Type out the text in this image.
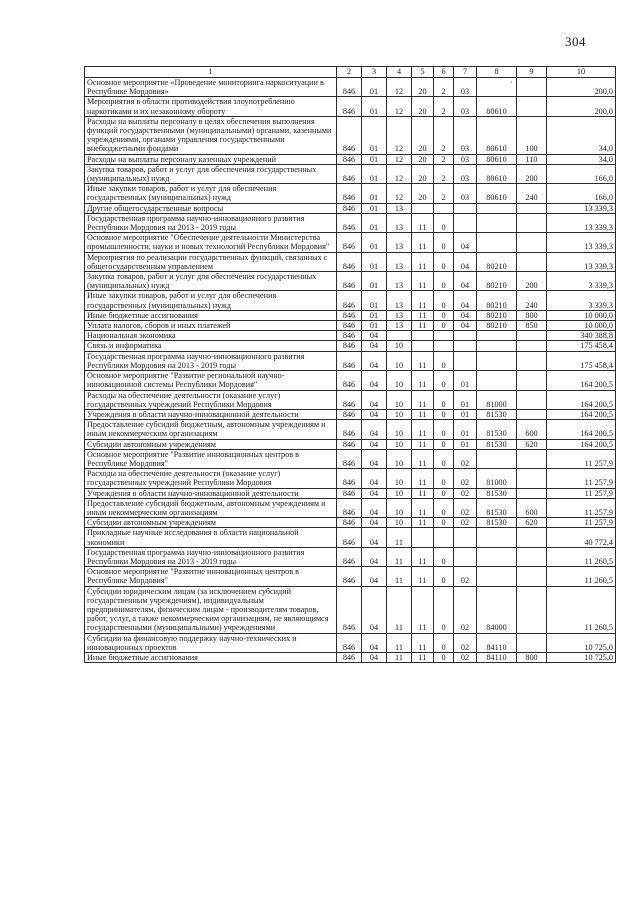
304
·
1	2	3	4	5	6	7	8	9	10
Основное мероприятие «Проведение мониторинга наркоситуации в Республике Мордовия»	846	01	12	20	2	03			200,0
Мероприятия в области противодействия злоупотреблению наркотиками и их незаконному обороту	846	01	12	20	2	03	80610		200,0
Расходы на выплаты персоналу в целях обеспечения выполнения функций государственными (муниципальными) органами, казенными учреждениями, органами управления государственными внебюджетными фондами	846	01	12	20	2	03	80610	100	34,0
Расходы на выплаты персоналу казенных учреждений	846	01	12	20	2	03	80610	110	34,0
Закупка товаров, работ и услуг для обеспечения государственных (муниципальных) нужд	846	01	12	20	2	03	80610	200	166,0
Иные закупки товаров, работ и услуг для обеспечения государственных (муниципальных) нужд	846	01	12	20	2	03	80610	240	166,0
Другие общегосударственные вопросы	846	01	13						13 339,3
Государственная программа научно-инновационного развития Республики Мордовия на 2013 - 2019 годы	846	01	13	11	0				13 339,3
Основное мероприятие "Обеспечение деятельности Министерства промышленности, науки и новых технологий Республики Мордовия"	846	01	13	11	0	04			13 339,3
Мероприятия по реализации государственных функций, связанных с общегосударственным управлением	846	01	13	11	0	04	80210		13 339,3
Закупка товаров, работ и услуг для обеспечения государственных (муниципальных) нужд	846	01	13	11	0	04	80210	200	3 339,3
Иные закупки товаров, работ и услуг для обеспечения государственных (муниципальных) нужд	846	01	13	11	0	04	80210	240	3 339,3
Иные бюджетные ассигнования	846	01	13	11	0	04	80210	800	10 000,0
Уплата налогов, сборов и иных платежей	846	01	13	11	0	04	80210	850	10 000,0
Национальная экономика	846	04							340 388,8
Связь и информатика	846	04	10						175 458,4
Государственная программа научно-инновационного развития Республики Мордовия на 2013 - 2019 годы	846	04	10	11	0				175 458,4
Основное мероприятие "Развитие региональной научно-инновационной системы Республики Мордовия"	846	04	10	11	0	01			164 200,5
Расходы на обеспечение деятельности (оказание услуг) государственных учреждений Республики Мордовия	846	04	10	11	0	01	81000		164 200,5
Учреждения в области научно-инновационной деятельности	846	04	10	11	0	01	81530		164 200,5
Предоставление субсидий бюджетным, автономным учреждениям и иным некоммерческим организациям	846	04	10	11	0	01	81530	600	164 200,5
Субсидии автономным учреждениям	846	04	10	11	0	01	81530	620	164 200,5
Основное мероприятие "Развитие инновационных центров в Республике Мордовия"	846	04	10	11	0	02			11 257,9
Расходы на обеспечение деятельности (оказание услуг) государственных учреждений Республики Мордовия	846	04	10	11	0	02	81000		11 257,9
Учреждения в области научно-инновационной деятельности	846	04	10	11	0	02	81530		11 257,9
Предоставление субсидий бюджетным, автономным учреждениям и иным некоммерческим организациям	846	04	10	11	0	02	81530	600	11 257,9
Субсидии автономным учреждениям	846	04	10	11	0	02	81530	620	11 257,9
Прикладные научные исследования в области национальной экономики	846	04	11						40 772,4
Государственная программа научно-инновационного развития Республики Мордовия на 2013 - 2019 годы	846	04	11	11	0				11 260,5
Основное мероприятие "Развитие инновационных центров в Республике Мордовия"	846	04	11	11	0	02			11 260,5
Субсидии юридическим лицам (за исключением субсидий государственным учреждениям), индивидуальным предпринимателям, физическим лицам - производителям товаров, работ, услуг, а также некоммерческим организациям, не являющимся государственными (муниципальными) учреждениями	846	04	11	11	0	02	84000		11 260,5
Субсидии на финансовую поддержку научно-технических и инновационных проектов	846	04	11	11	0	02	84110		10 725,0
Иные бюджетные ассигнования	846	04	11	11	0	02	84110	800	10 725,0
